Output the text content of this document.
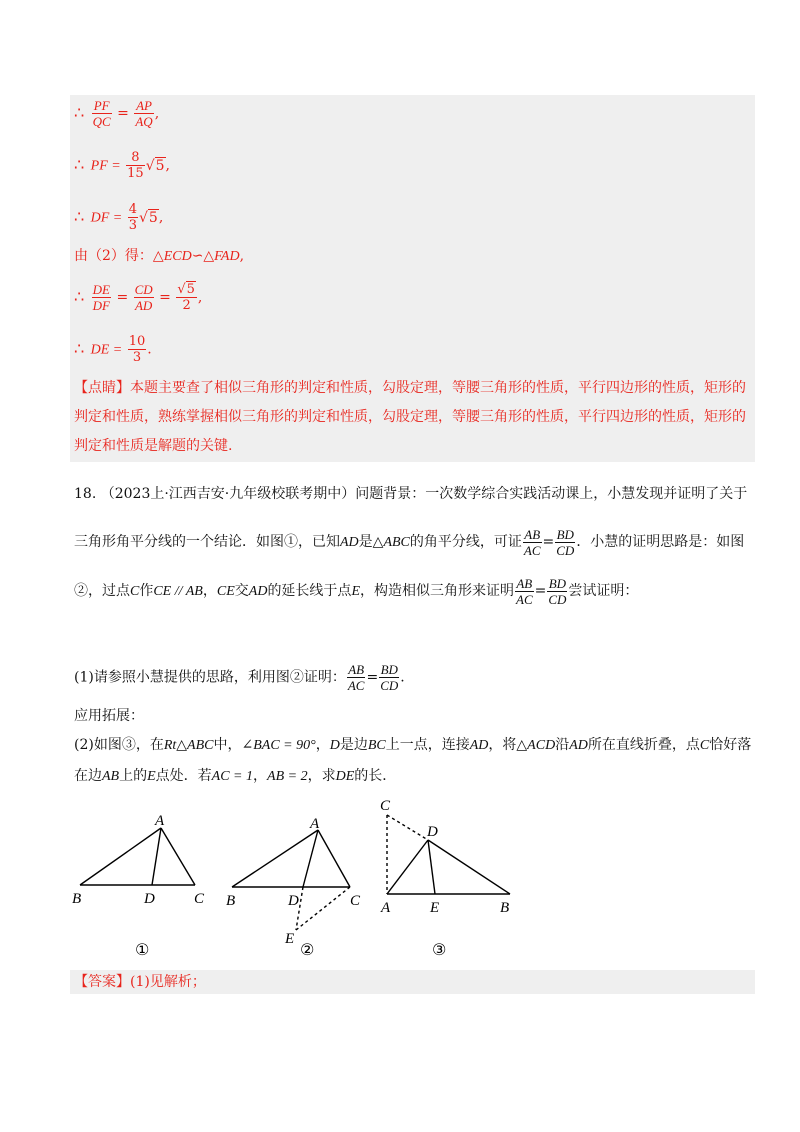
∴ $\frac{PF}{QC} = \frac{AP}{AQ}$ ,
∴ PF = $\frac{8}{15} √5$,
∴ DF = $\frac{4}{3} √5$,
由（2）得：△ECD∽△FAD,
∴ $\frac{DE}{DF} = \frac{CD}{AD} = \frac{√5}{2}$ ,
∴ DE = $\frac{10}{3}$ .
【点睛】本题主要查了相似三角形的判定和性质，勾股定理，等腰三角形的性质，平行四边形的性质，矩形的判定和性质，熟练掌握相似三角形的判定和性质，勾股定理，等腰三角形的性质，平行四边形的性质，矩形的判定和性质是解题的关键.
18. （2023上·江西吉安·九年级校联考期中）问题背景：一次数学综合实践活动课上，小慧发现并证明了关于三角形角平分线的一个结论．如图①，已知AD是△ABC的角平分线，可证 $\frac{AB}{AC} = \frac{BD}{CD}$ ．小慧的证明思路是：如图②，过点C作CE // AB，CE交AD的延长线于点E，构造相似三角形来证明 $\frac{AB}{AC} = \frac{BD}{CD}$ 尝试证明：
(1)请参照小慧提供的思路，利用图②证明： $\frac{AB}{AC} = \frac{BD}{CD}$ .
应用拓展：
(2)如图③，在Rt△ABC中，∠BAC = 90°，D是边BC上一点，连接AD，将△ACD沿AD所在直线折叠，点C恰好落在边AB上的E点处．若AC = 1，AB = 2，求DE的长．
A
B	D	C
①
A
B	D	C
E
②
C
D
A	E	B
③
【答案】(1)见解析；
